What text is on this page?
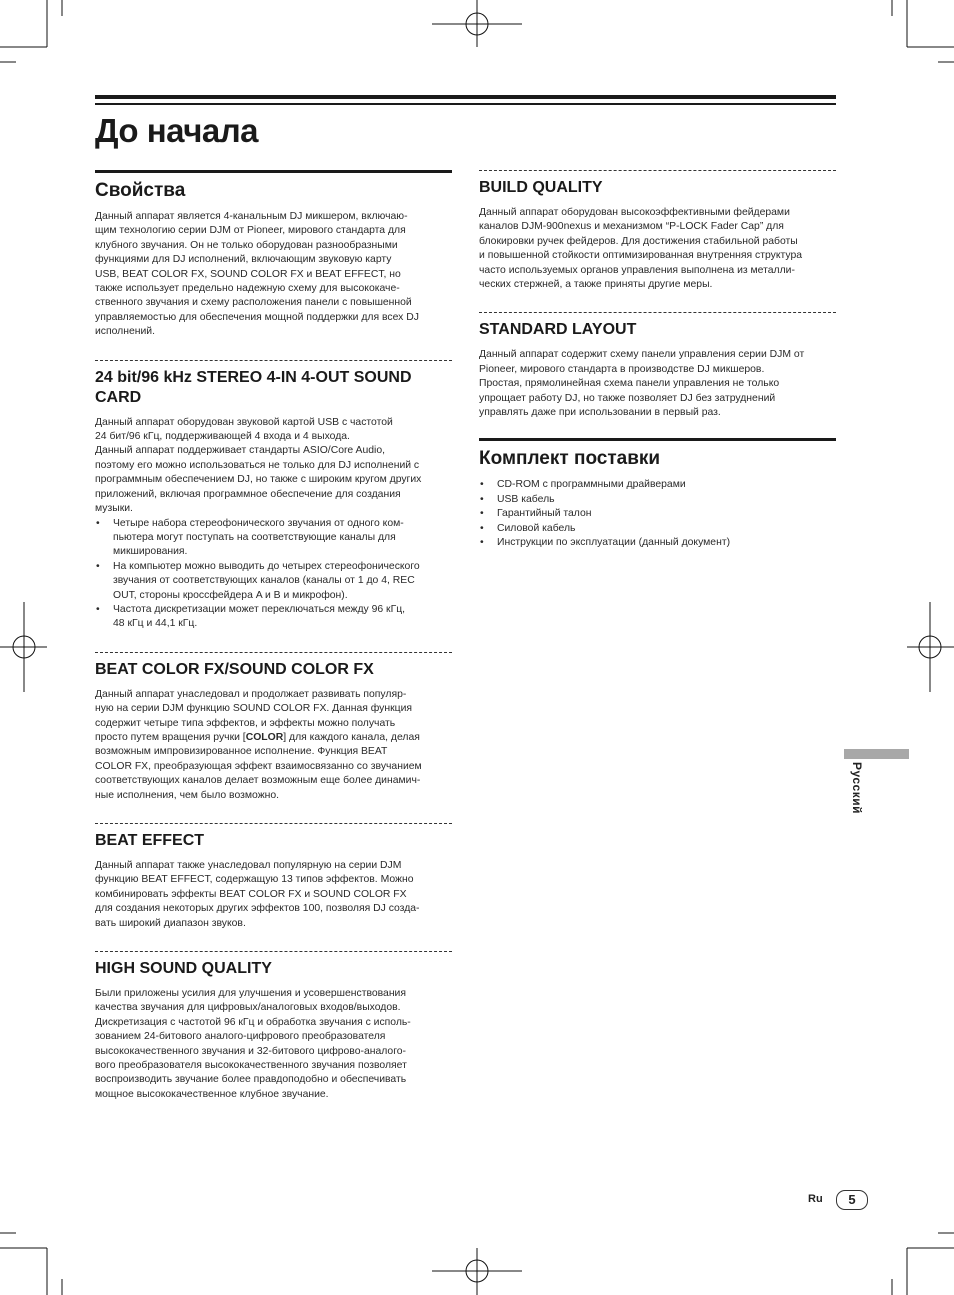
До начала
Свойства

Данный аппарат является 4-канальным DJ микшером, включаю-
щим технологию серии DJM от Pioneer, мирового стандарта для
клубного звучания. Он не только оборудован разнообразными
функциями для DJ исполнений, включающим звуковую карту
USB, BEAT COLOR FX, SOUND COLOR FX и BEAT EFFECT, но
также использует предельно надежную схему для высококаче-
ственного звучания и схему расположения панели с повышенной
управляемостью для обеспечения мощной поддержки для всех DJ
исполнений.

24 bit/96 kHz STEREO 4-IN 4-OUT SOUND
CARD

Данный аппарат оборудован звуковой картой USB с частотой
24 бит/96 кГц, поддерживающей 4 входа и 4 выхода.
Данный аппарат поддерживает стандарты ASIO/Core Audio,
поэтому его можно использоваться не только для DJ исполнений с
программным обеспечением DJ, но также с широким кругом других
приложений, включая программное обеспечение для создания
музыки.

• Четыре набора стереофонического звучания от одного ком-
пьютера могут поступать на соответствующие каналы для
микширования.
• На компьютер можно выводить до четырех стереофонического
звучания от соответствующих каналов (каналы от 1 до 4, REC
OUT, стороны кроссфейдера A и B и микрофон).
• Частота дискретизации может переключаться между 96 кГц,
48 кГц и 44,1 кГц.
BEAT COLOR FX/SOUND COLOR FX

Данный аппарат унаследовал и продолжает развивать популяр-
ную на серии DJM функцию SOUND COLOR FX. Данная функция
содержит четыре типа эффектов, и эффекты можно получать
просто путем вращения ручки [COLOR] для каждого канала, делая
возможным импровизированное исполнение. Функция BEAT
COLOR FX, преобразующая эффект взаимосвязанно со звучанием
соответствующих каналов делает возможным еще более динамич-
ные исполнения, чем было возможно.

BEAT EFFECT

Данный аппарат также унаследовал популярную на серии DJM
функцию BEAT EFFECT, содержащую 13 типов эффектов. Можно
комбинировать эффекты BEAT COLOR FX и SOUND COLOR FX
для создания некоторых других эффектов 100, позволяя DJ созда-
вать широкий диапазон звуков.

HIGH SOUND QUALITY

Были приложены усилия для улучшения и усовершенствования
качества звучания для цифровых/аналоговых входов/выходов.
Дискретизация с частотой 96 кГц и обработка звучания с исполь-
зованием 24-битового аналого-цифрового преобразователя
высококачественного звучания и 32-битового цифрово-аналого-
вого преобразователя высококачественного звучания позволяет
воспроизводить звучание более правдоподобно и обеспечивать
мощное высококачественное клубное звучание.

BUILD QUALITY

Данный аппарат оборудован высокоэффективными фейдерами
каналов DJM-900nexus и механизмом “P-LOCK Fader Cap” для
блокировки ручек фейдеров. Для достижения стабильной работы
и повышенной стойкости оптимизированная внутренняя структура
часто используемых органов управления выполнена из металли-
ческих стержней, а также приняты другие меры.

STANDARD LAYOUT

Данный аппарат содержит схему панели управления серии DJM от
Pioneer, мирового стандарта в производстве DJ микшеров.
Простая, прямолинейная схема панели управления не только
упрощает работу DJ, но также позволяет DJ без затруднений
управлять даже при использовании в первый раз.

Комплект поставки
• CD-ROM с программными драйверами
• USB кабель
• Гарантийный талон
• Силовой кабель
• Инструкции по эксплуатации (данный документ)
Русский
Ru	5
